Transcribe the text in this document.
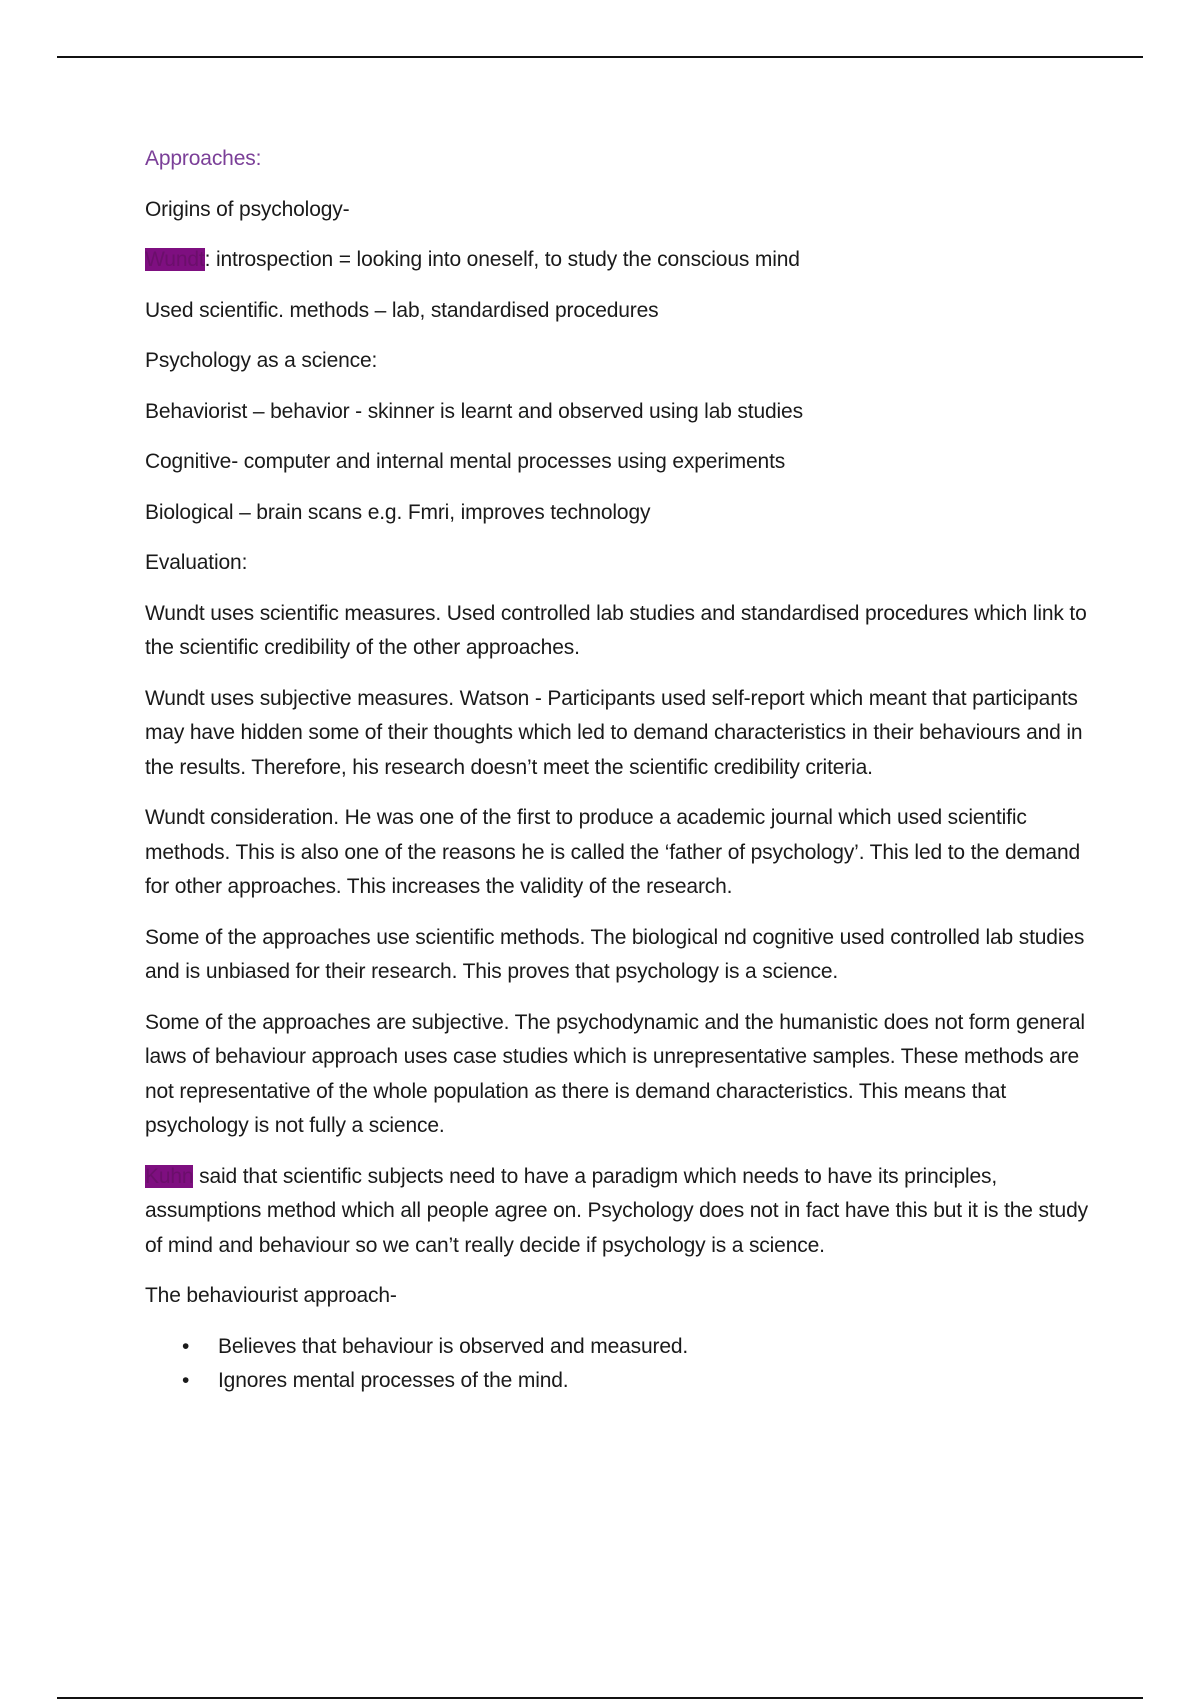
Approaches:

Origins of psychology-

Wundt: introspection = looking into oneself, to study the conscious mind

Used scientific. methods – lab, standardised procedures

Psychology as a science:

Behaviorist – behavior - skinner is learnt and observed using lab studies

Cognitive- computer and internal mental processes using experiments

Biological – brain scans e.g. Fmri, improves technology

Evaluation:

Wundt uses scientific measures. Used controlled lab studies and standardised procedures which link to the scientific credibility of the other approaches.

Wundt uses subjective measures. Watson - Participants used self-report which meant that participants may have hidden some of their thoughts which led to demand characteristics in their behaviours and in the results. Therefore, his research doesn’t meet the scientific credibility criteria.

Wundt consideration. He was one of the first to produce a academic journal which used scientific methods. This is also one of the reasons he is called the ‘father of psychology’. This led to the demand for other approaches. This increases the validity of the research.

Some of the approaches use scientific methods. The biological nd cognitive used controlled lab studies and is unbiased for their research. This proves that psychology is a science.

Some of the approaches are subjective. The psychodynamic and the humanistic does not form general laws of behaviour approach uses case studies which is unrepresentative samples. These methods are not representative of the whole population as there is demand characteristics. This means that psychology is not fully a science.

Kuhn said that scientific subjects need to have a paradigm which needs to have its principles, assumptions method which all people agree on. Psychology does not in fact have this but it is the study of mind and behaviour so we can’t really decide if psychology is a science.

The behaviourist approach-

• Believes that behaviour is observed and measured.
• Ignores mental processes of the mind.
